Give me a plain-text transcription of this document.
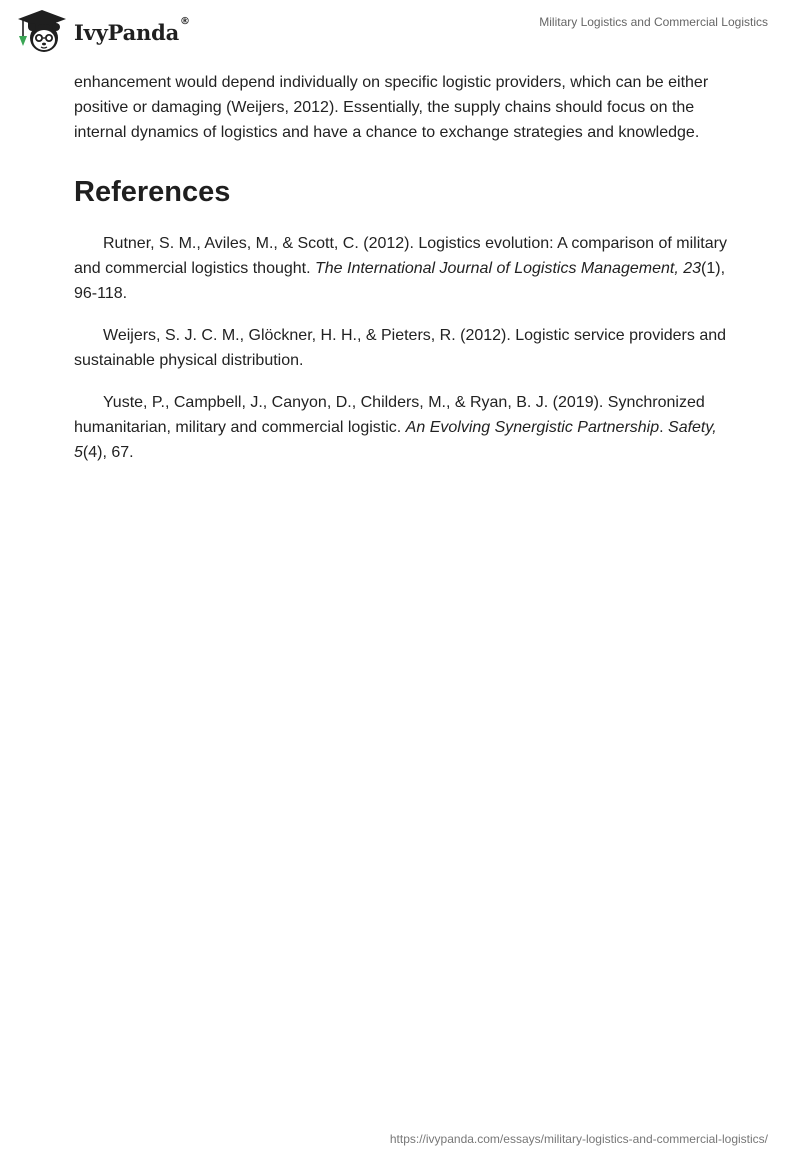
IvyPanda®	Military Logistics and Commercial Logistics

enhancement would depend individually on specific logistic providers, which can be either positive or damaging (Weijers, 2012). Essentially, the supply chains should focus on the internal dynamics of logistics and have a chance to exchange strategies and knowledge.

References

Rutner, S. M., Aviles, M., & Scott, C. (2012). Logistics evolution: A comparison of military and commercial logistics thought. The International Journal of Logistics Management, 23(1), 96-118.

Weijers, S. J. C. M., Glöckner, H. H., & Pieters, R. (2012). Logistic service providers and sustainable physical distribution.

Yuste, P., Campbell, J., Canyon, D., Childers, M., & Ryan, B. J. (2019). Synchronized humanitarian, military and commercial logistic. An Evolving Synergistic Partnership. Safety, 5(4), 67.

https://ivypanda.com/essays/military-logistics-and-commercial-logistics/
